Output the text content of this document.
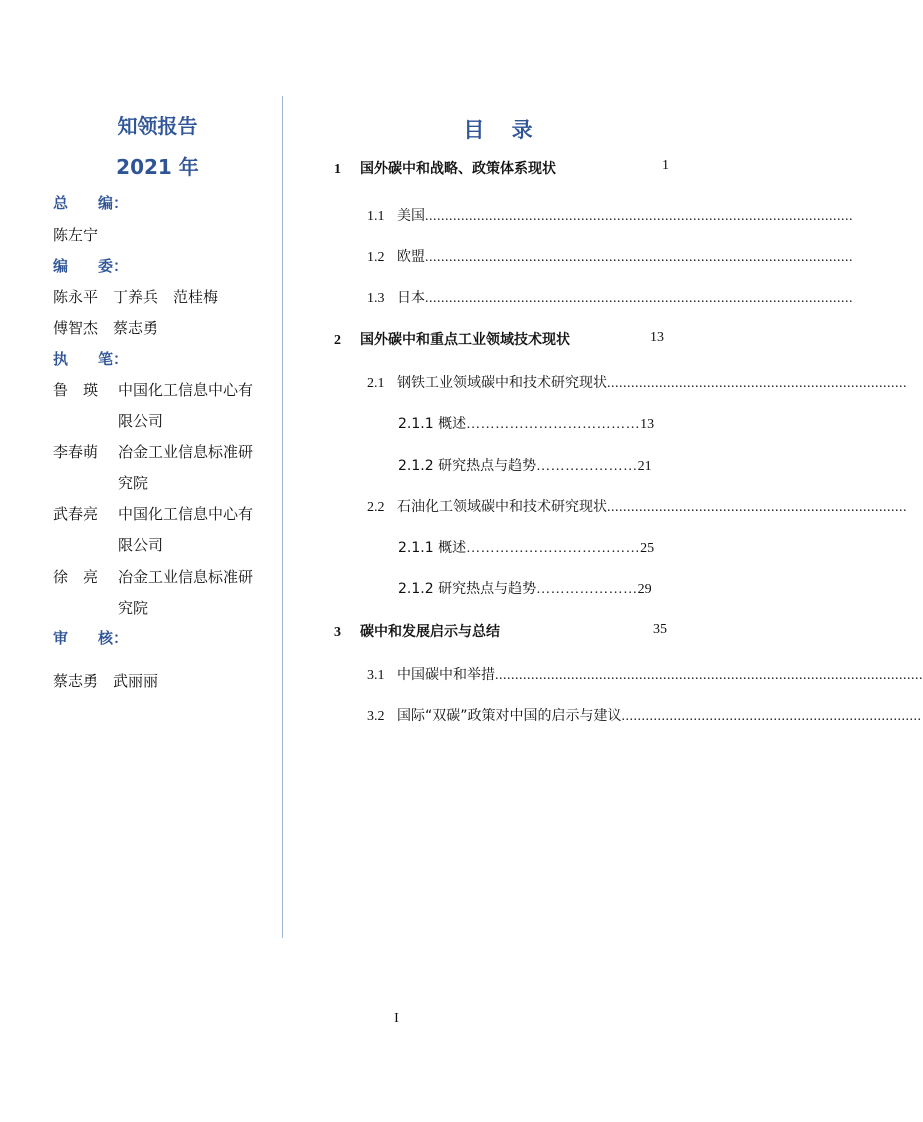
知领报告
2021 年
总　　编：
陈左宁
编　　委：
陈永平　丁养兵　范桂梅
傅智杰　蔡志勇
执　　笔：
鲁　瑛 中国化工信息中心有
限公司
李春萌 冶金工业信息标准研
究院
武春亮 中国化工信息中心有
限公司
徐　亮 冶金工业信息标准研
究院
审　　核：
蔡志勇　武丽丽
目 录
1 国外碳中和战略、政策体系现状	1
1.1 美国...........................................................................................................
1.2 欧盟...........................................................................................................
1.3 日本...........................................................................................................
2 国外碳中和重点工业领域技术现状	13
2.1 钢铁工业领域碳中和技术研究现状...........................................................................
2.1.1 概述………………………………13
2.1.2 研究热点与趋势…………………21
2.2 石油化工领域碳中和技术研究现状...........................................................................
2.1.1 概述………………………………25
2.1.2 研究热点与趋势…………………29
3 碳中和发展启示与总结	35
3.1 中国碳中和举措...........................................................................................................
3.2 国际“双碳”政策对中国的启示与建议...........................................................................
I
